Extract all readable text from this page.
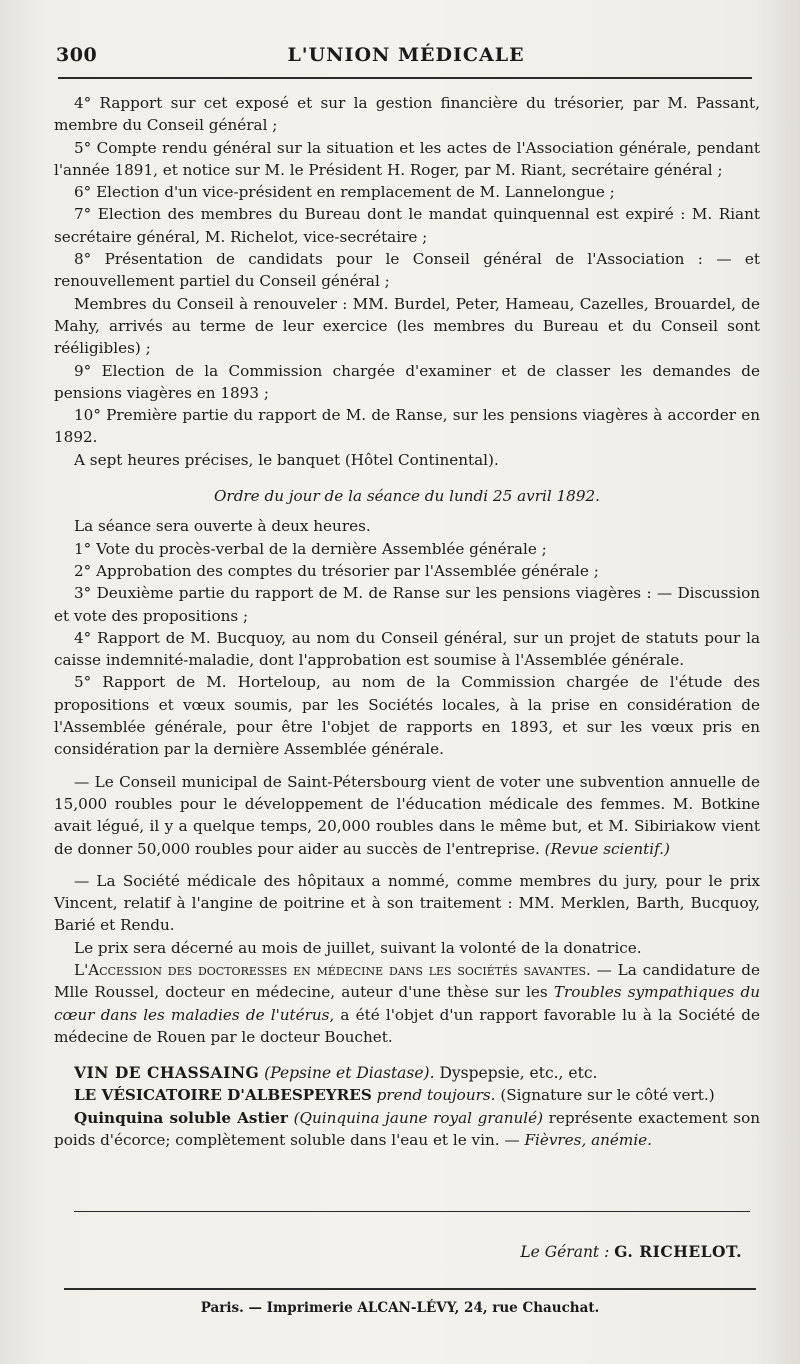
300	L'UNION MÉDICALE

4° Rapport sur cet exposé et sur la gestion financière du trésorier, par M. Passant, membre du Conseil général ;

5° Compte rendu général sur la situation et les actes de l'Association générale, pendant l'année 1891, et notice sur M. le Président H. Roger, par M. Riant, secrétaire général ;

6° Election d'un vice-président en remplacement de M. Lannelongue ;

7° Election des membres du Bureau dont le mandat quinquennal est expiré : M. Riant secrétaire général, M. Richelot, vice-secrétaire ;

8° Présentation de candidats pour le Conseil général de l'Association : — et renouvellement partiel du Conseil général ;

Membres du Conseil à renouveler : MM. Burdel, Peter, Hameau, Cazelles, Brouardel, de Mahy, arrivés au terme de leur exercice (les membres du Bureau et du Conseil sont rééligibles) ;

9° Election de la Commission chargée d'examiner et de classer les demandes de pensions viagères en 1893 ;

10° Première partie du rapport de M. de Ranse, sur les pensions viagères à accorder en 1892.

A sept heures précises, le banquet (Hôtel Continental).

Ordre du jour de la séance du lundi 25 avril 1892.

La séance sera ouverte à deux heures.

1° Vote du procès-verbal de la dernière Assemblée générale ;

2° Approbation des comptes du trésorier par l'Assemblée générale ;

3° Deuxième partie du rapport de M. de Ranse sur les pensions viagères : — Discussion et vote des propositions ;

4° Rapport de M. Bucquoy, au nom du Conseil général, sur un projet de statuts pour la caisse indemnité-maladie, dont l'approbation est soumise à l'Assemblée générale.

5° Rapport de M. Horteloup, au nom de la Commission chargée de l'étude des propositions et vœux soumis, par les Sociétés locales, à la prise en considération de l'Assemblée générale, pour être l'objet de rapports en 1893, et sur les vœux pris en considération par la dernière Assemblée générale.

— Le Conseil municipal de Saint-Pétersbourg vient de voter une subvention annuelle de 15,000 roubles pour le développement de l'éducation médicale des femmes. M. Botkine avait légué, il y a quelque temps, 20,000 roubles dans le même but, et M. Sibiriakow vient de donner 50,000 roubles pour aider au succès de l'entreprise. (Revue scientif.)

— La Société médicale des hôpitaux a nommé, comme membres du jury, pour le prix Vincent, relatif à l'angine de poitrine et à son traitement : MM. Merklen, Barth, Bucquoy, Barié et Rendu.

Le prix sera décerné au mois de juillet, suivant la volonté de la donatrice.

L'Accession des doctoresses en médecine dans les sociétés savantes. — La candidature de Mlle Roussel, docteur en médecine, auteur d'une thèse sur les Troubles sympathiques du cœur dans les maladies de l'utérus, a été l'objet d'un rapport favorable lu à la Société de médecine de Rouen par le docteur Bouchet.

VIN DE CHASSAING (Pepsine et Diastase). Dyspepsie, etc., etc.

LE VÉSICATOIRE D'ALBESPEYRES prend toujours. (Signature sur le côté vert.)

Quinquina soluble Astier (Quinquina jaune royal granulé) représente exactement son poids d'écorce; complètement soluble dans l'eau et le vin. — Fièvres, anémie.

Le Gérant : G. RICHELOT.
Paris. — Imprimerie ALCAN-LÉVY, 24, rue Chauchat.
